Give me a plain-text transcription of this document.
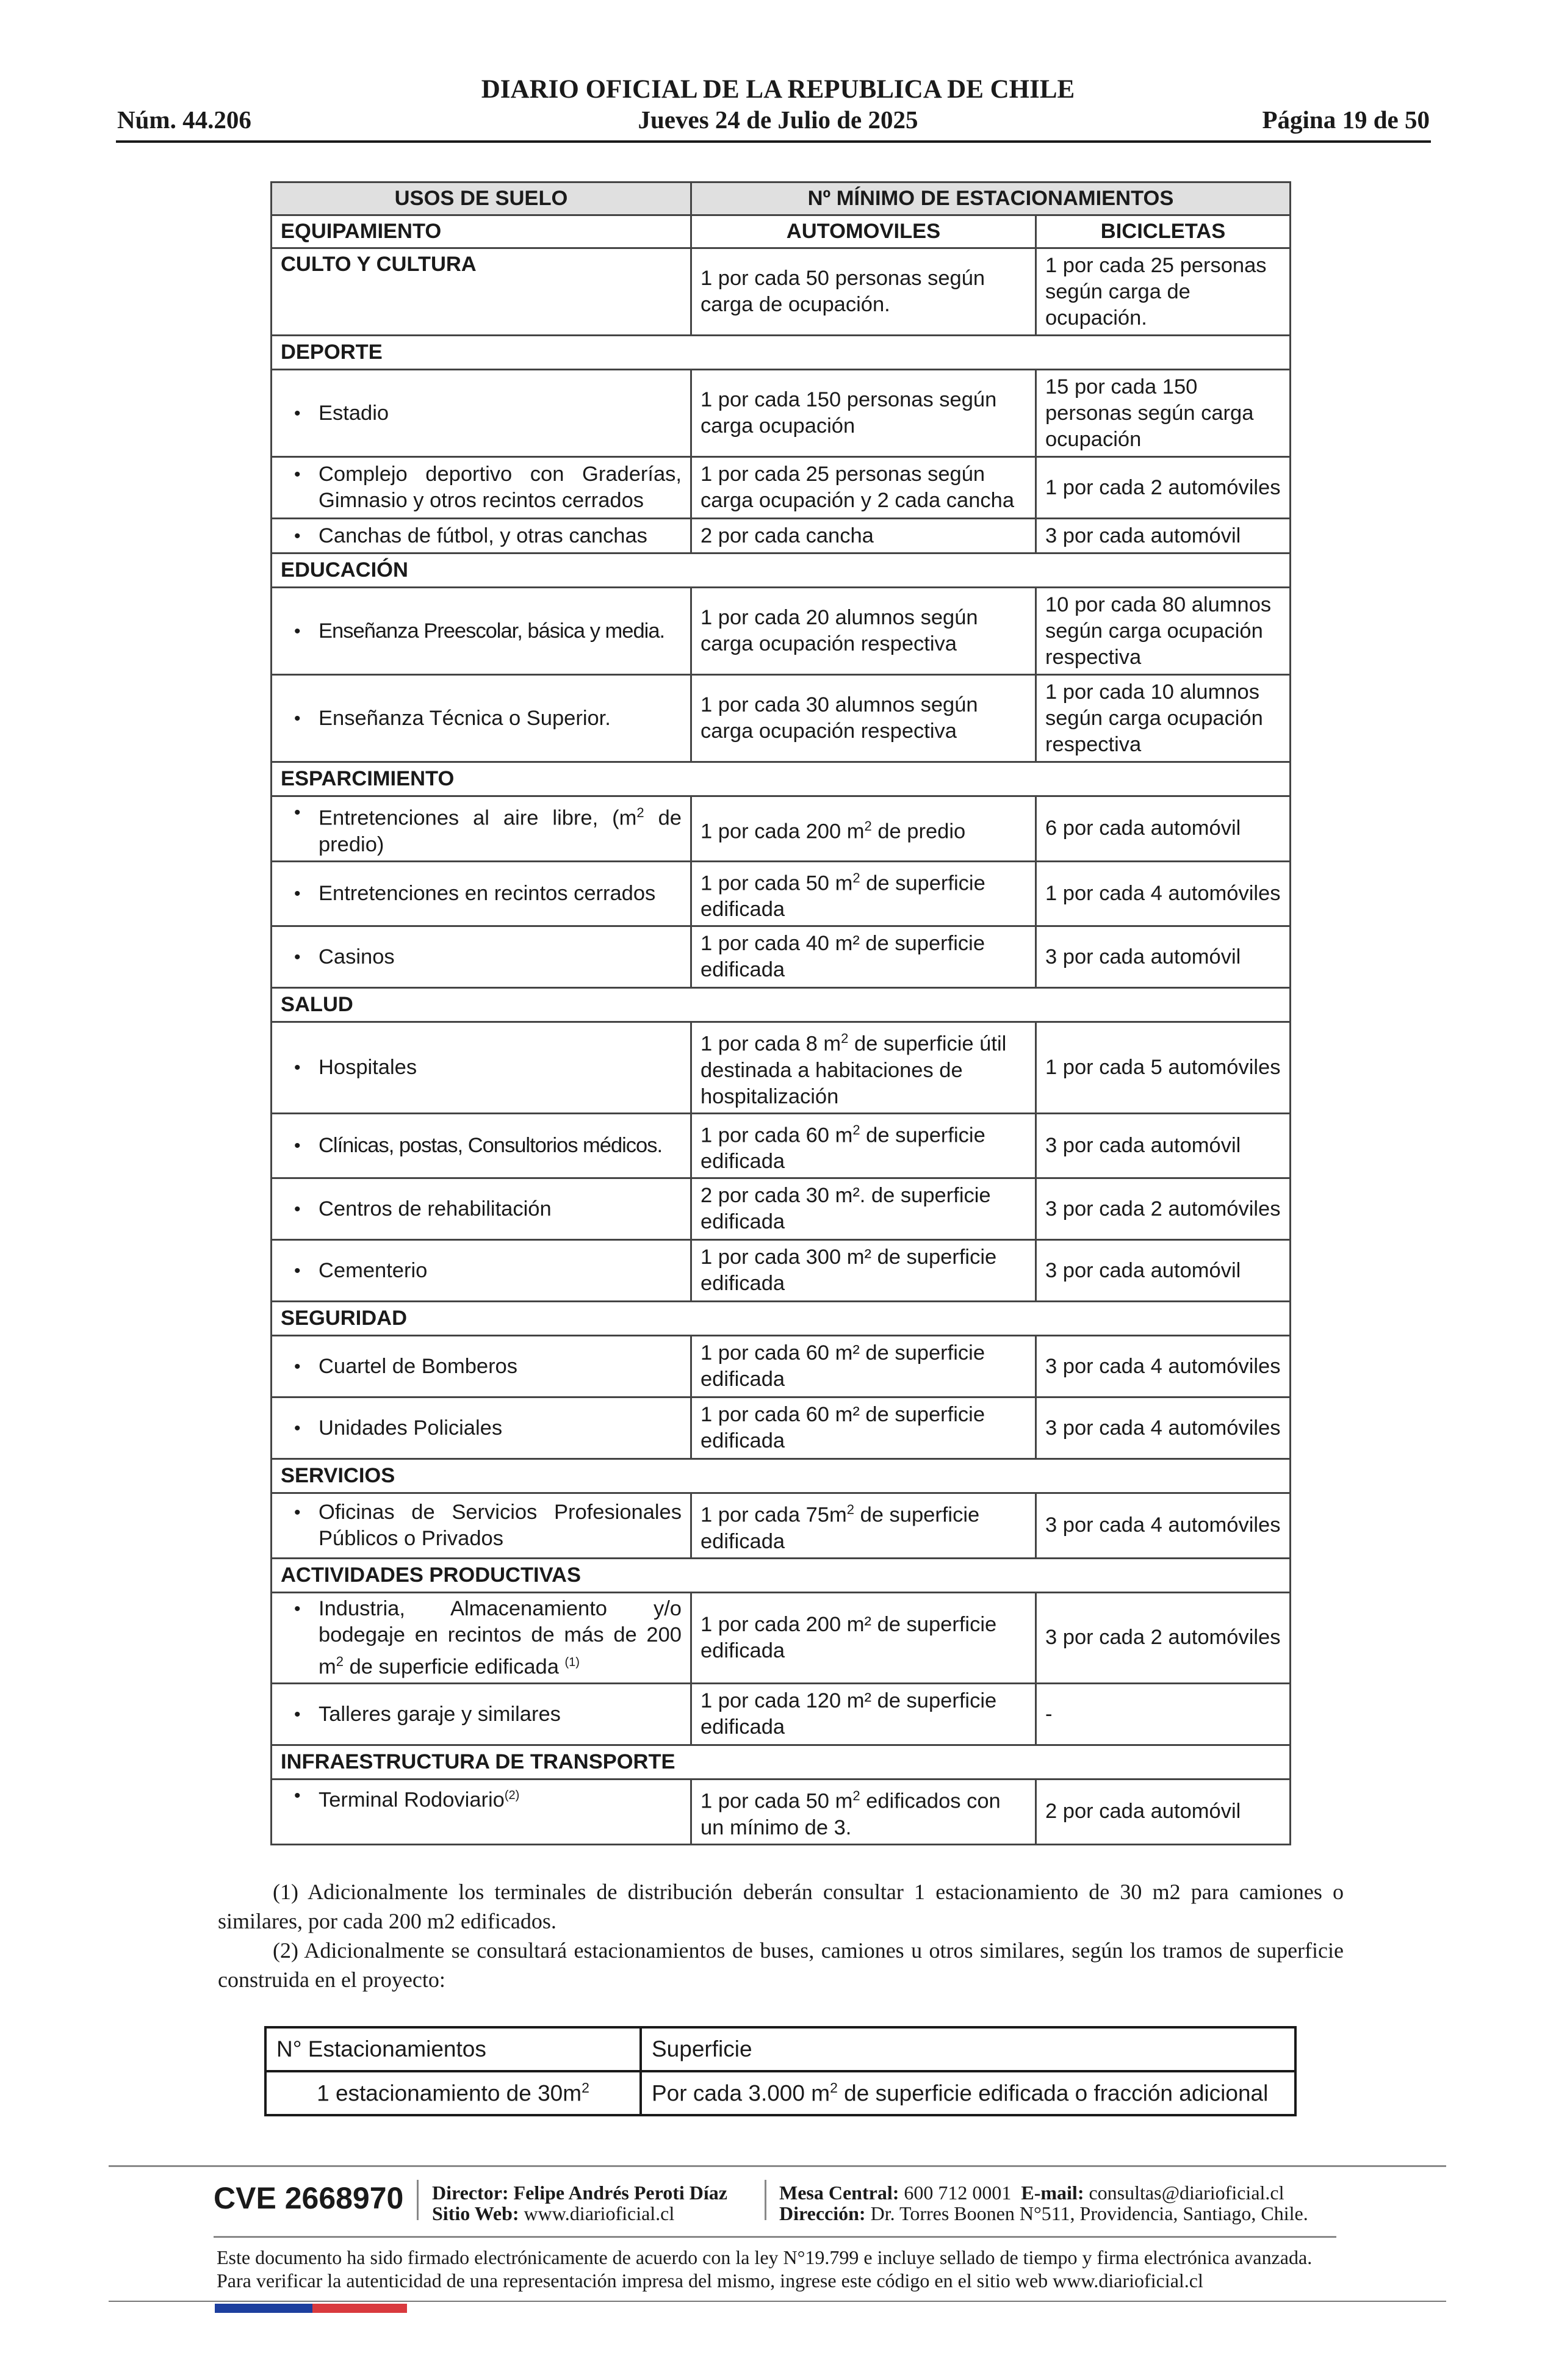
DIARIO OFICIAL DE LA REPUBLICA DE CHILE
Núm. 44.206	Jueves 24 de Julio de 2025	Página 19 de 50
USOS DE SUELO	Nº MÍNIMO DE ESTACIONAMIENTOS	
EQUIPAMIENTO	AUTOMOVILES	BICICLETAS
CULTO Y CULTURA	1 por cada 50 personas según carga de ocupación.	1 por cada 25 personas según carga de ocupación.
DEPORTE		

• Estadio	1 por cada 150 personas según carga ocupación	15 por cada 150 personas según carga ocupación

• Complejo deportivo con Graderías, Gimnasio y otros recintos cerrados	1 por cada 25 personas según carga ocupación y 2 cada cancha	1 por cada 2 automóviles

• Canchas de fútbol, y otras canchas	2 por cada cancha	3 por cada automóvil
EDUCACIÓN		

• Enseñanza Preescolar, básica y media.	1 por cada 20 alumnos según carga ocupación respectiva	10 por cada 80 alumnos según carga ocupación respectiva

• Enseñanza Técnica o Superior.	1 por cada 30 alumnos según carga ocupación respectiva	1 por cada 10 alumnos según carga ocupación respectiva
ESPARCIMIENTO		

• Entretenciones al aire libre, ($m^2$ de predio)	1 por cada 200 $m^2$ de predio	6 por cada automóvil

• Entretenciones en recintos cerrados	1 por cada 50 $m^2$ de superficie edificada	1 por cada 4 automóviles

• Casinos	1 por cada 40 m² de superficie edificada	3 por cada automóvil
SALUD		

• Hospitales	1 por cada 8 $m^2$ de superficie útil destinada a habitaciones de hospitalización	1 por cada 5 automóviles

• Clínicas, postas, Consultorios médicos.	1 por cada 60 $m^2$ de superficie edificada	3 por cada automóvil

• Centros de rehabilitación	2 por cada 30 m². de superficie edificada	3 por cada 2 automóviles

• Cementerio	1 por cada 300 m² de superficie edificada	3 por cada automóvil
SEGURIDAD		

• Cuartel de Bomberos	1 por cada 60 m² de superficie edificada	3 por cada 4 automóviles

• Unidades Policiales	1 por cada 60 m² de superficie edificada	3 por cada 4 automóviles
SERVICIOS		

• Oficinas de Servicios Profesionales Públicos o Privados	1 por cada $75m^2$ de superficie edificada	3 por cada 4 automóviles
ACTIVIDADES PRODUCTIVAS		

• Industria, Almacenamiento y/o bodegaje en recintos de más de 200 $m^2$ de superficie edificada $^{(1)}$	1 por cada 200 m² de superficie edificada	3 por cada 2 automóviles

• Talleres garaje y similares	1 por cada 120 m² de superficie edificada	-
INFRAESTRUCTURA DE TRANSPORTE		

• Terminal Rodoviario$^{(2)}$	1 por cada 50 $m^2$ edificados con un mínimo de 3.	2 por cada automóvil
(1) Adicionalmente los terminales de distribución deberán consultar 1 estacionamiento de 30 m2 para camiones o similares, por cada 200 m2 edificados.
(2) Adicionalmente se consultará estacionamientos de buses, camiones u otros similares, según los tramos de superficie construida en el proyecto:
N° Estacionamientos	Superficie
1 estacionamiento de $30m^2$	Por cada 3.000 $m^2$ de superficie edificada o fracción adicional
CVE 2668970 Director: Felipe Andrés Peroti Díaz
Sitio Web: www.diarioficial.cl
Mesa Central: 600 712 0001 E-mail: consultas@diarioficial.cl
Dirección: Dr. Torres Boonen N°511, Providencia, Santiago, Chile.
Este documento ha sido firmado electrónicamente de acuerdo con la ley N°19.799 e incluye sellado de tiempo y firma electrónica avanzada. Para verificar la autenticidad de una representación impresa del mismo, ingrese este código en el sitio web www.diarioficial.cl
